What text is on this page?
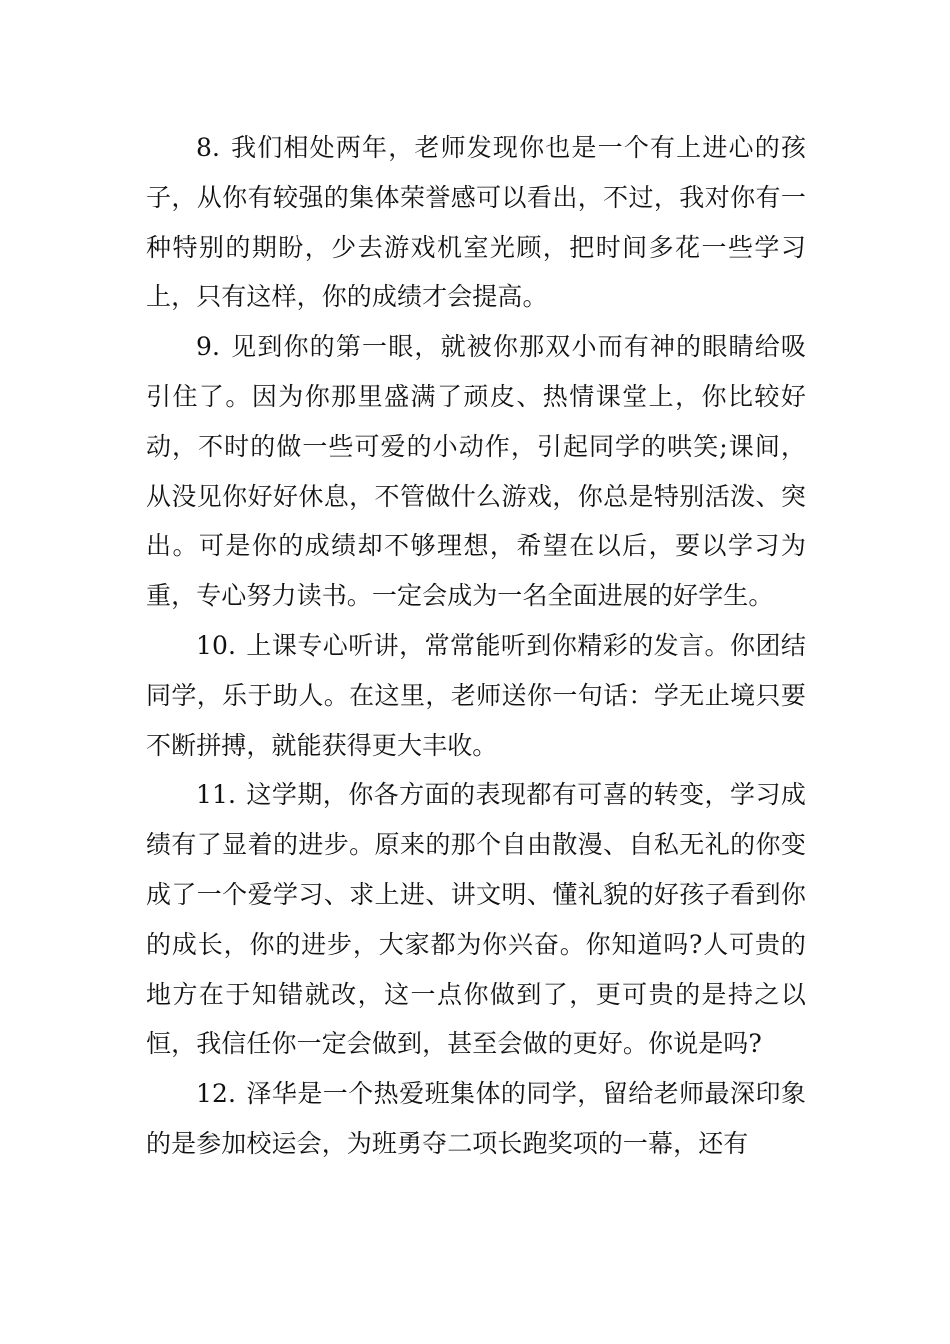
8. 我们相处两年，老师发现你也是一个有上进心的孩子，从你有较强的集体荣誉感可以看出，不过，我对你有一种特别的期盼，少去游戏机室光顾，把时间多花一些学习上，只有这样，你的成绩才会提高。

9. 见到你的第一眼，就被你那双小而有神的眼睛给吸引住了。因为你那里盛满了顽皮、热情课堂上，你比较好动，不时的做一些可爱的小动作，引起同学的哄笑;课间，从没见你好好休息，不管做什么游戏，你总是特别活泼、突出。可是你的成绩却不够理想，希望在以后，要以学习为重，专心努力读书。一定会成为一名全面进展的好学生。

10. 上课专心听讲，常常能听到你精彩的发言。你团结同学，乐于助人。在这里，老师送你一句话：学无止境只要不断拼搏，就能获得更大丰收。

11. 这学期，你各方面的表现都有可喜的转变，学习成绩有了显着的进步。原来的那个自由散漫、自私无礼的你变成了一个爱学习、求上进、讲文明、懂礼貌的好孩子看到你的成长，你的进步，大家都为你兴奋。你知道吗?人可贵的地方在于知错就改，这一点你做到了，更可贵的是持之以恒，我信任你一定会做到，甚至会做的更好。你说是吗?

12. 泽华是一个热爱班集体的同学，留给老师最深印象的是参加校运会，为班勇夺二项长跑奖项的一幕，还有
